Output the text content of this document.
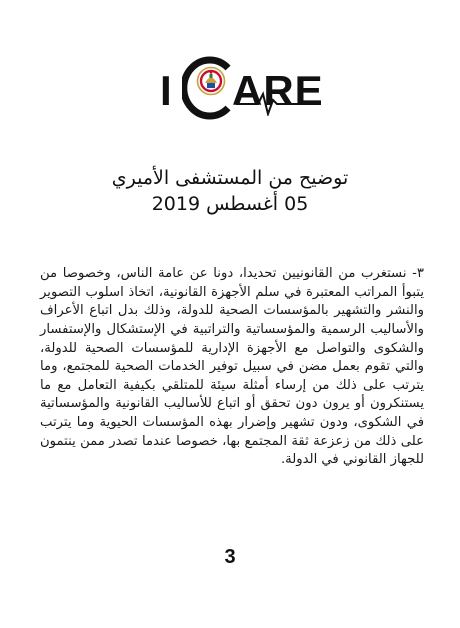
I ARE
توضيح من المستشفى الأميري
05 أغسطس 2019

٣- نستغرب من القانونيين تحديدا، دونا عن عامة الناس، وخصوصا من يتبوأ المراتب المعتبرة في سلم الأجهزة القانونية، اتخاذ اسلوب التصوير والنشر والتشهير بالمؤسسات الصحية للدولة، وذلك بدل اتباع الأعراف والأساليب الرسمية والمؤسساتية والتراتبية في الإستشكال والإستفسار والشكوى والتواصل مع الأجهزة الإدارية للمؤسسات الصحية للدولة، والتي تقوم بعمل مضن في سبيل توفير الخدمات الصحية للمجتمع، وما يترتب على ذلك من إرساء أمثلة سيئة للمتلقي بكيفية التعامل مع ما يستنكرون أو يرون دون تحقق أو اتباع للأساليب القانونية والمؤسساتية في الشكوى، ودون تشهير وإضرار بهذه المؤسسات الحيوية وما يترتب على ذلك من زعزعة ثقة المجتمع بها، خصوصا عندما تصدر ممن ينتمون للجهاز القانوني في الدولة.

3
